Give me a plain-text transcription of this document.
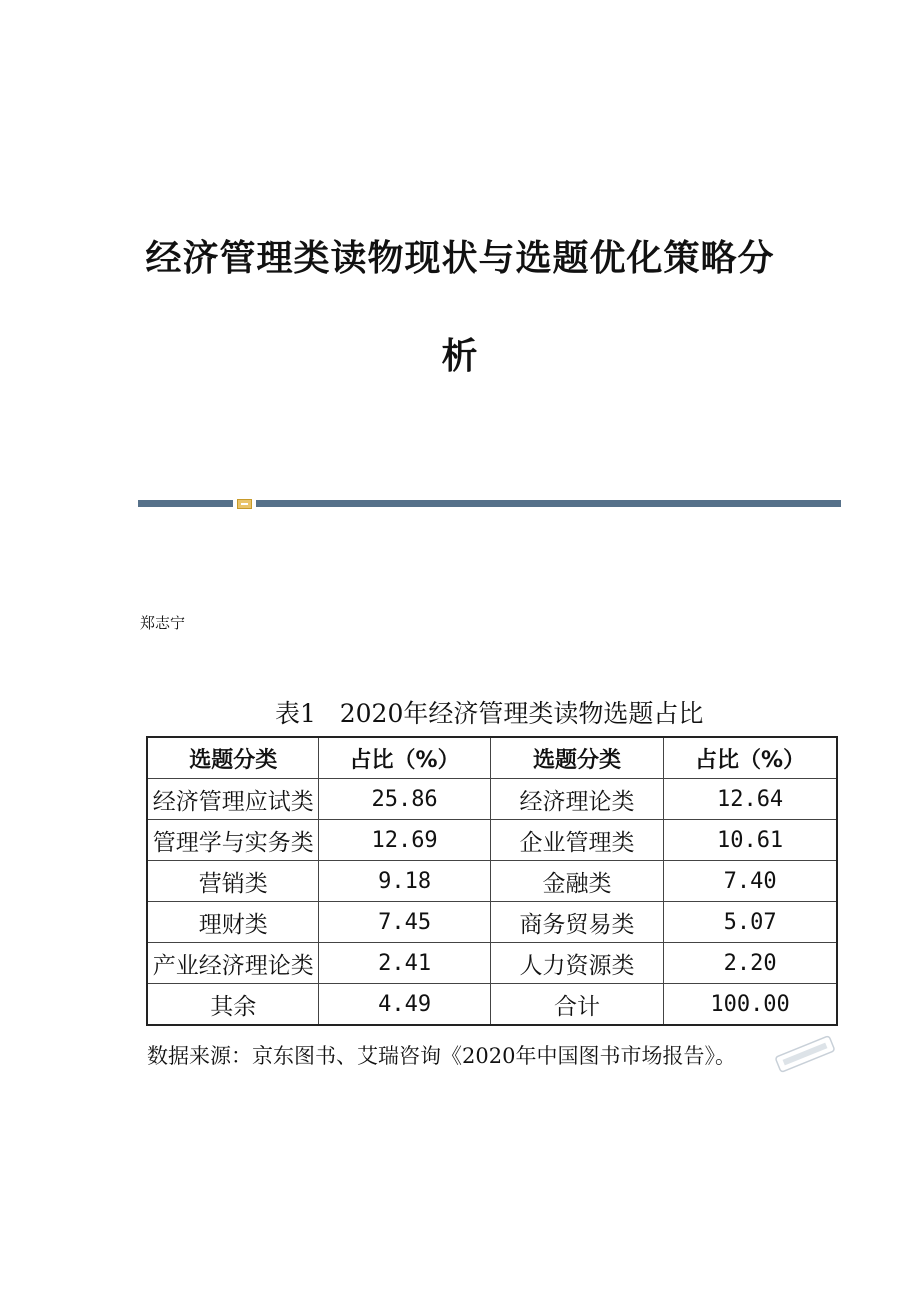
经济管理类读物现状与选题优化策略分
析

郑志宁

表1   2020年经济管理类读物选题占比

选题分类	占比（%）	选题分类	占比（%）
经济管理应试类	25.86	经济理论类	12.64
管理学与实务类	12.69	企业管理类	10.61
营销类	9.18	金融类	7.40
理财类	7.45	商务贸易类	5.07
产业经济理论类	2.41	人力资源类	2.20
其余	4.49	合计	100.00

数据来源：京东图书、艾瑞咨询《2020年中国图书市场报告》。
